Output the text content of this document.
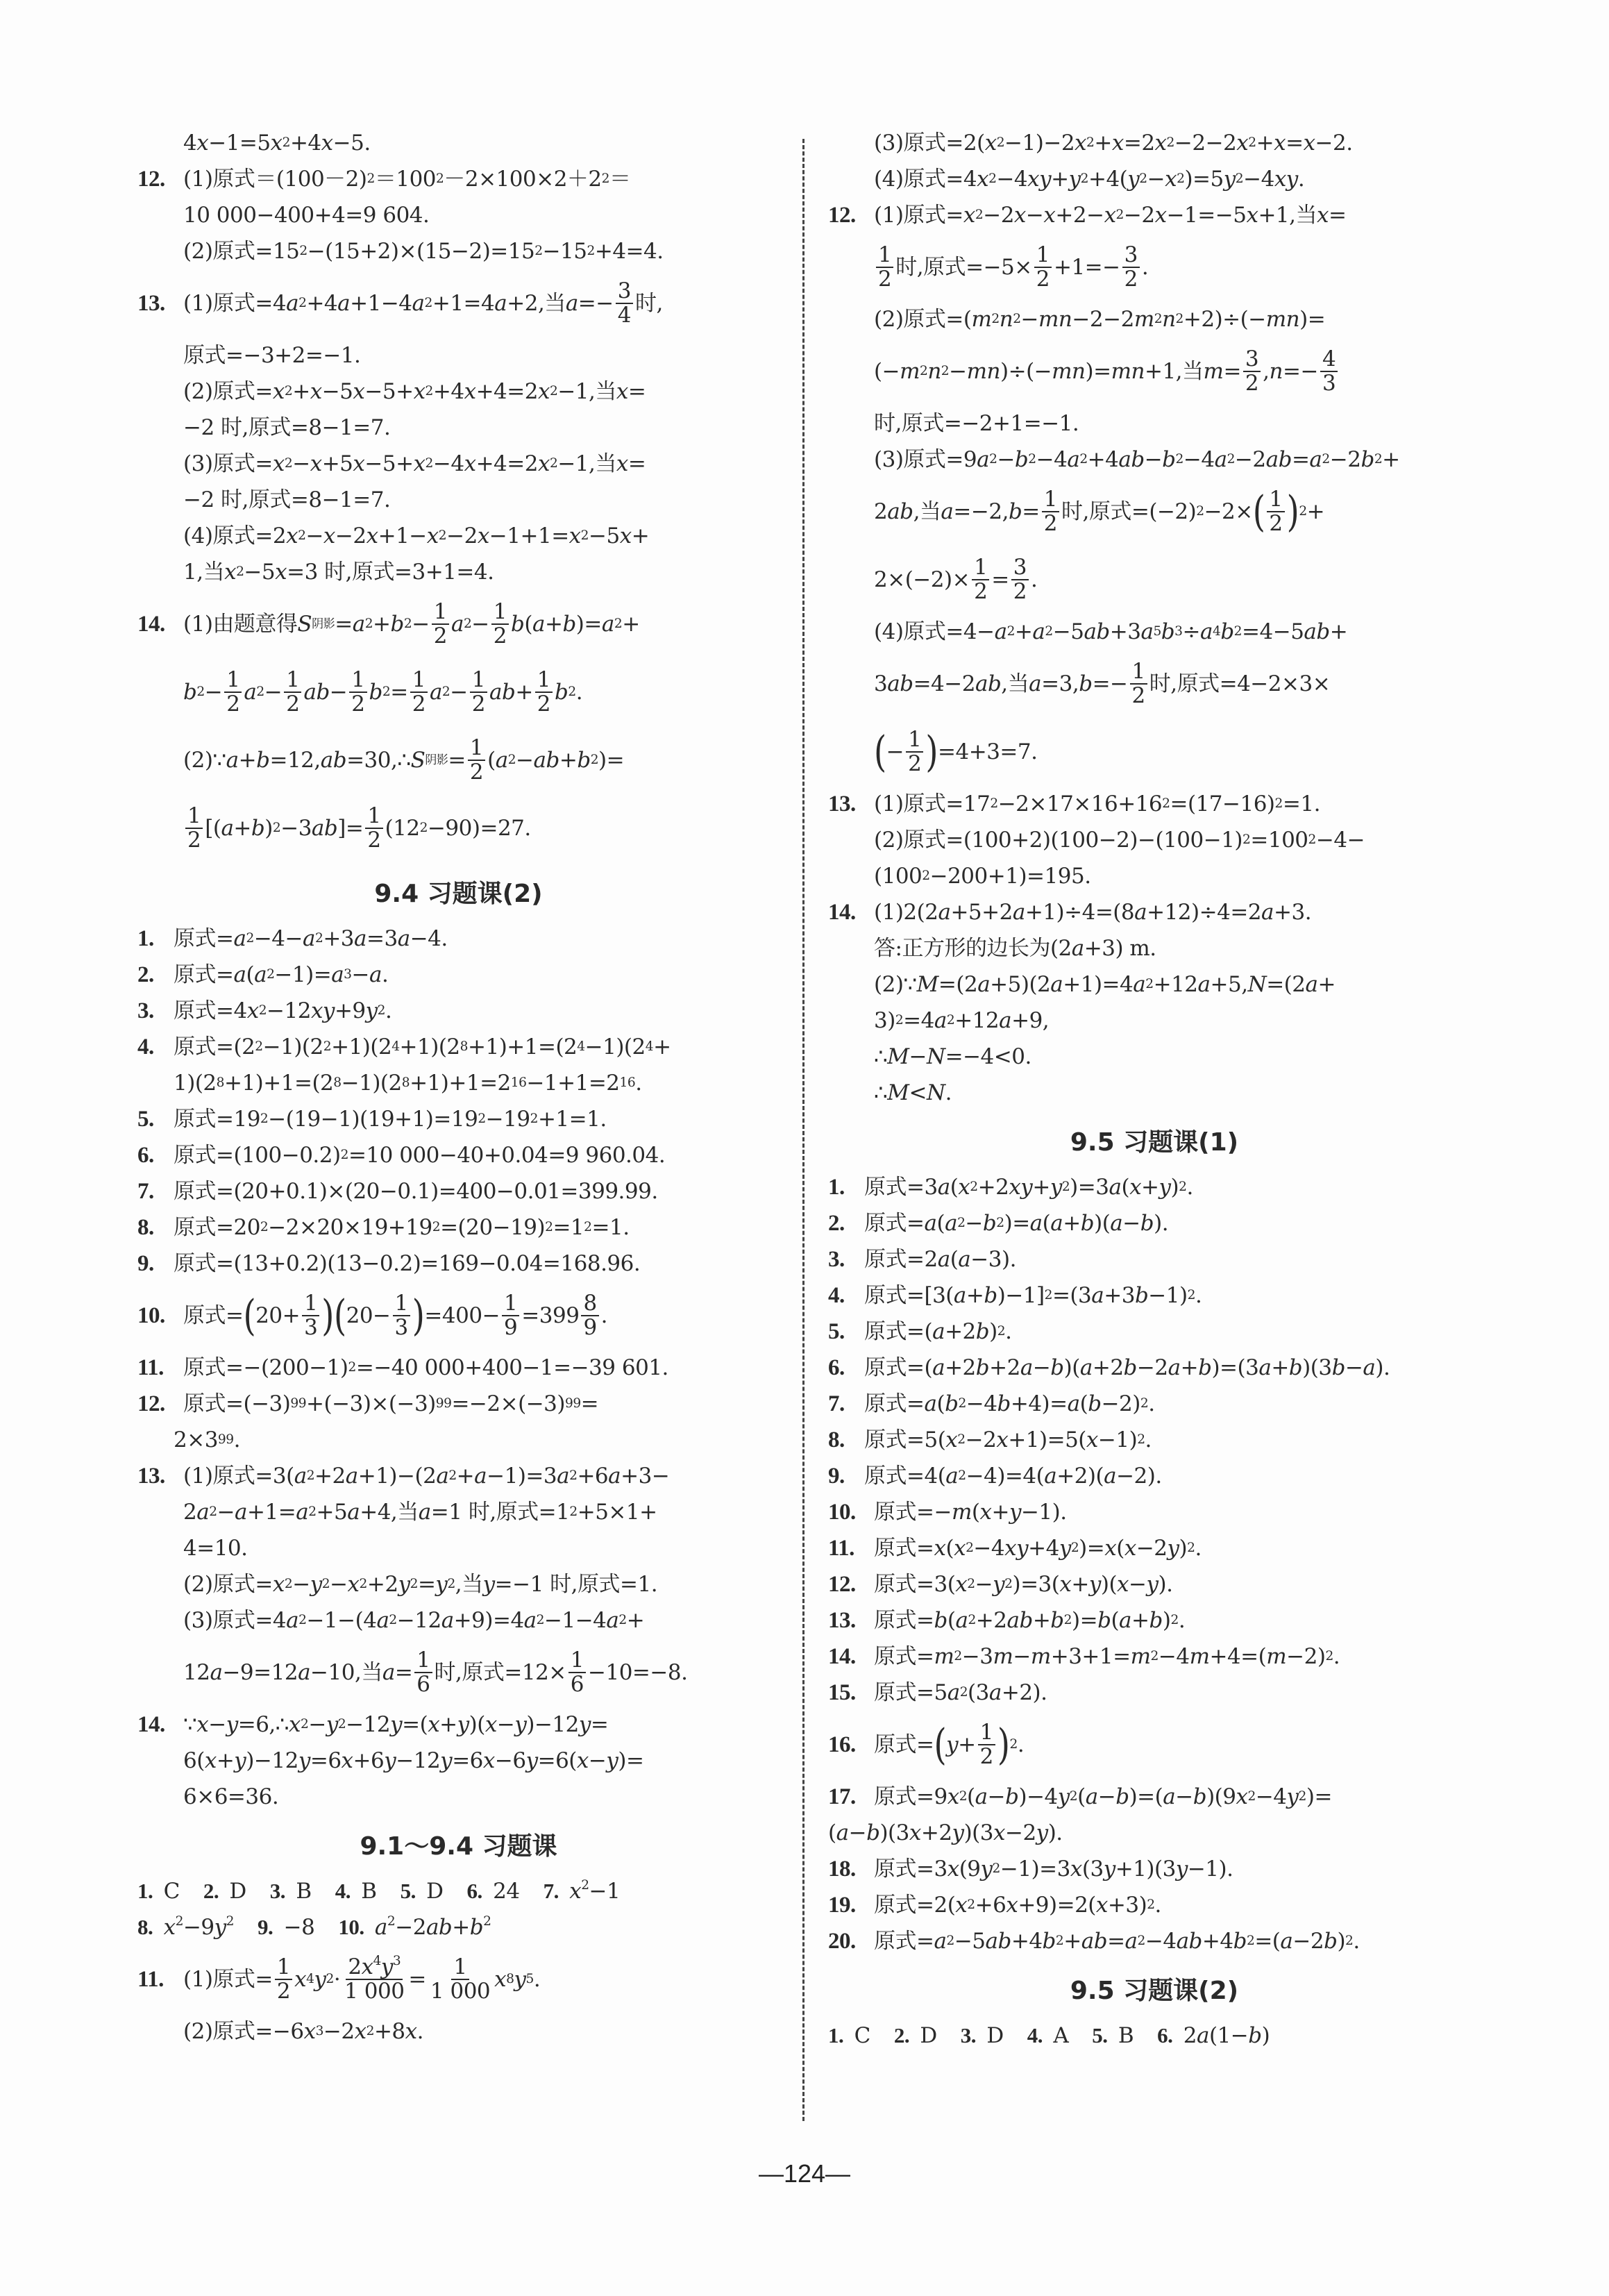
4 x −1=5 x 2 +4 x −5.
12. (1)原式＝(100－2) 2 ＝100 2 －2×100×2＋2 2 ＝
10 000−400+4=9 604.
(2)原式=15 2 −(15+2)×(15−2)=15 2 −15 2 +4=4.
13. (1)原式=4 a 2 +4 a +1−4 a 2 +1=4 a +2,当 $a =- \frac{3}{4}$ 时,
原式=−3+2=−1.
(2)原式= x 2 + x −5 x −5+ x 2 +4 x +4=2 x 2 −1,当 x =
−2 时,原式=8−1=7.
(3)原式= x 2 − x +5 x −5+ x 2 −4 x +4=2 x 2 −1,当 x =
−2 时,原式=8−1=7.
(4)原式=2 x 2 − x −2 x +1− x 2 −2 x −1+1= x 2 −5 x +
1,当 x 2 −5 x =3 时,原式=3+1=4.
14. (1)由题意得 S 阴影 = a 2 + b $2 - \frac{1}{2}$ a $2 - \frac{1}{2}$ b ( a + b )= a 2 +
b $2 - \frac{1}{2}$ a $2 - \frac{1}{2}$ ab − $\frac{1}{2}$ b $2 = \frac{1}{2}$ a $2 - \frac{1}{2}$ ab + $\frac{1}{2}$ b 2 .
(2)∵ a + b =12, ab =30,∴ S 阴影 = $\frac{1}{2}$ ( a 2 − ab + b 2 )=
$\frac{1}{2}$ [( a + b ) 2 −3 ab ]= $\frac{1}{2} (12$ 2 −90)=27.
9.4 习题课(2)
1. 原式= a 2 −4− a 2 +3 a =3 a −4.
2. 原式= a ( a 2 −1)= a 3 − a .
3. 原式=4 x 2 −12 xy +9 y 2 .
4. 原式=(2 2 −1)(2 2 +1)(2 4 +1)(2 8 +1)+1=(2 4 −1)(2 4 +
1)(2 8 +1)+1=(2 8 −1)(2 8 +1)+1=2 16 −1+1=2 16 .
5. 原式=19 2 −(19−1)(19+1)=19 2 −19 2 +1=1.
6. 原式=(100−0.2) 2 =10 000−40+0.04=9 960.04.
7. 原式=(20+0.1)×(20−0.1)=400−0.01=399.99.
8. 原式=20 2 −2×20×19+19 2 =(20−19) 2 =1 2 =1.
9. 原式=(13+0.2)(13−0.2)=169−0.04=168.96.
10. 原式= ( $20+ \frac{1}{3}$ ) ( $20- \frac{1}{3}$ ) $=400- \frac{1}{9} =399 \frac{8}{9}$ .
11. 原式=−(200−1) 2 =−40 000+400−1=−39 601.
12. 原式=(−3) 99 +(−3)×(−3) 99 =−2×(−3) 99 =
2×3 99 .
13. (1)原式=3( a 2 +2 a +1)−(2 a 2 + a −1)=3 a 2 +6 a +3−
2 a 2 − a +1= a 2 +5 a +4,当 a =1 时,原式=1 2 +5×1+
4=10.
(2)原式= x 2 − y 2 − x 2 +2 y 2 = y 2 ,当 y =−1 时,原式=1.
(3)原式=4 a 2 −1−(4 a 2 −12 a +9)=4 a 2 −1−4 a 2 +
12 a −9=12 a −10,当 $a = \frac{1}{6}$ 时,原式$=12\times \frac{1}{6} -10=-8$.
14. ∵ x − y =6,∴ x 2 − y 2 −12 y =( x + y )( x − y )−12 y =
6( x + y )−12 y =6 x +6 y −12 y =6 x −6 y =6( x − y )=
6×6=36.
9.1～9.4 习题课
1. C 2. D 3. B 4. B 5. D 6. 24 7. $x^2-1$
8. $x^2-9y^2$ 9. −8 10. $a^2-2ab+b^2$
11. (1)原式= $\frac{1}{2}$ x 4 y $2 \cdot \frac{2x^4y^3}{1 000} = \frac{1}{1 000}$ x 8 y 5 .
(2)原式=−6 x 3 −2 x 2 +8 x .
(3)原式=2( x 2 −1)−2 x 2 + x =2 x 2 −2−2 x 2 + x = x −2.
(4)原式=4 x 2 −4 xy + y 2 +4( y 2 − x 2 )=5 y 2 −4 xy .
12. (1)原式= x 2 −2 x − x +2− x 2 −2 x −1=−5 x +1,当 x =
$\frac{1}{2}$ 时,原式$=-5\times \frac{1}{2} +1=- \frac{3}{2}$ .
(2)原式=( m 2 n 2 − mn −2−2 m 2 n 2 +2)÷(− mn )=
(− m 2 n 2 − mn )÷(− mn )= mn +1,当 $m = \frac{3}{2}$ , $n =- \frac{4}{3}$
时,原式=−2+1=−1.
(3)原式=9 a 2 − b 2 −4 a 2 +4 ab − b 2 −4 a 2 −2 ab = a 2 −2 b 2 +
2 ab ,当 a =−2, $b = \frac{1}{2}$ 时,原式=(−2) 2 −2× ( $\frac{1}{2}$ ) 2 +
$2\times(-2)\times \frac{1}{2} = \frac{3}{2}$ .
(4)原式=4− a 2 + a 2 −5 ab +3 a 5 b 3 ÷ a 4 b 2 =4−5 ab +
3 ab =4−2 ab ,当 a =3, $b =- \frac{1}{2}$ 时,原式=4−2×3×
( − $\frac{1}{2}$ ) =4+3=7.
13. (1)原式=17 2 −2×17×16+16 2 =(17−16) 2 =1.
(2)原式=(100+2)(100−2)−(100−1) 2 =100 2 −4−
(100 2 −200+1)=195.
14. (1)2(2 a +5+2 a +1)÷4=(8 a +12)÷4=2 a +3.
答:正方形的边长为(2 a +3) m.
(2)∵ M =(2 a +5)(2 a +1)=4 a 2 +12 a +5, N =(2 a +
3) 2 =4 a 2 +12 a +9,
∴ M − N =−4<0.
∴ M < N .
9.5 习题课(1)
1. 原式=3 a ( x 2 +2 xy + y 2 )=3 a ( x + y ) 2 .
2. 原式= a ( a 2 − b 2 )= a ( a + b )( a − b ).
3. 原式=2 a ( a −3).
4. 原式=[3( a + b )−1] 2 =(3 a +3 b −1) 2 .
5. 原式=( a +2 b ) 2 .
6. 原式=( a +2 b +2 a − b )( a +2 b −2 a + b )=(3 a + b )(3 b − a ).
7. 原式= a ( b 2 −4 b +4)= a ( b −2) 2 .
8. 原式=5( x 2 −2 x +1)=5( x −1) 2 .
9. 原式=4( a 2 −4)=4( a +2)( a −2).
10. 原式=− m ( x + y −1).
11. 原式= x ( x 2 −4 xy +4 y 2 )= x ( x −2 y ) 2 .
12. 原式=3( x 2 − y 2 )=3( x + y )( x − y ).
13. 原式= b ( a 2 +2 ab + b 2 )= b ( a + b ) 2 .
14. 原式= m 2 −3 m − m +3+1= m 2 −4 m +4=( m −2) 2 .
15. 原式=5 a 2 (3 a +2).
16. 原式= ( $y + \frac{1}{2}$ ) 2 .
17. 原式=9 x 2 ( a − b )−4 y 2 ( a − b )=( a − b )(9 x 2 −4 y 2 )=
( a − b )(3 x +2 y )(3 x −2 y ).
18. 原式=3 x (9 y 2 −1)=3 x (3 y +1)(3 y −1).
19. 原式=2( x 2 +6 x +9)=2( x +3) 2 .
20. 原式= a 2 −5 ab +4 b 2 + ab = a 2 −4 ab +4 b 2 =( a −2 b ) 2 .
9.5 习题课(2)
1. C 2. D 3. D 4. A 5. B 6. 2a(1−b)
—124—
